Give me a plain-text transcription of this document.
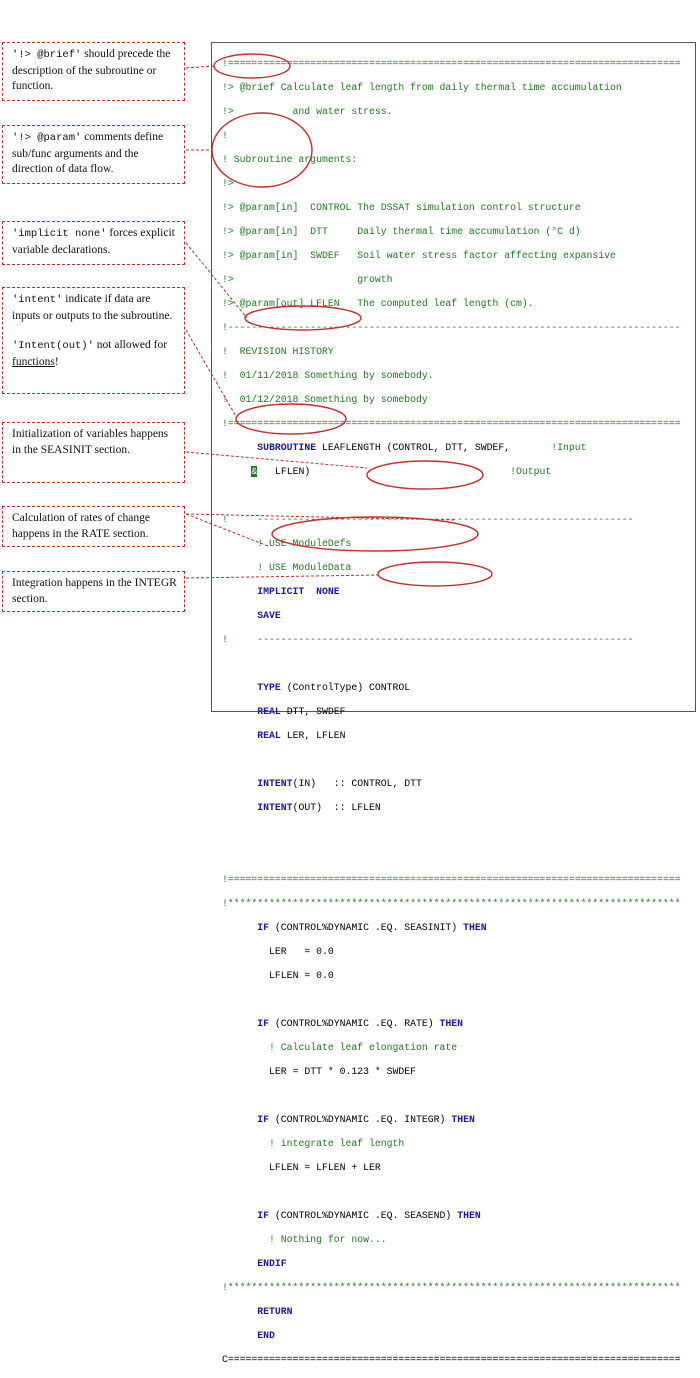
'!> @brief' should precede the description of the subroutine or function.

'!> @param' comments define sub/func arguments and the direction of data flow.

'implicit none' forces explicit variable declarations.

'intent' indicate if data are inputs or outputs to the subroutine.

'Intent(out)' not allowed for functions!

Initialization of variables happens in the SEASINIT section.

Calculation of rates of change happens in the RATE section.

Integration happens in the INTEGR section.

!=============================================================================

!> @brief Calculate leaf length from daily thermal time accumulation

!>          and water stress.

!

! Subroutine arguments:

!>

!> @param[in]  CONTROL The DSSAT simulation control structure

!> @param[in]  DTT     Daily thermal time accumulation (°C d)

!> @param[in]  SWDEF   Soil water stress factor affecting expansive

!>                     growth

!> @param[out] LFLEN   The computed leaf length (cm).

!-----------------------------------------------------------------------------

!  REVISION HISTORY

!  01/11/2018 Something by somebody.

!  01/12/2018 Something by somebody

!=============================================================================

SUBROUTINE LEAFLENGTH (CONTROL, DTT, SWDEF,       !Input

&   LFLEN)	!Output

!     ----------------------------------------------------------------

! USE ModuleDefs

! USE ModuleData

IMPLICIT  NONE

SAVE

!     ----------------------------------------------------------------

TYPE (ControlType) CONTROL

REAL DTT, SWDEF

REAL LER, LFLEN

INTENT(IN)   :: CONTROL, DTT

INTENT(OUT)  :: LFLEN

!=============================================================================

!*****************************************************************************

IF (CONTROL%DYNAMIC .EQ. SEASINIT) THEN

LER   = 0.0

LFLEN = 0.0

IF (CONTROL%DYNAMIC .EQ. RATE) THEN

! Calculate leaf elongation rate

LER = DTT * 0.123 * SWDEF

IF (CONTROL%DYNAMIC .EQ. INTEGR) THEN

! integrate leaf length

LFLEN = LFLEN + LER

IF (CONTROL%DYNAMIC .EQ. SEASEND) THEN

! Nothing for now...

ENDIF

!*****************************************************************************

RETURN

END

C=============================================================================
